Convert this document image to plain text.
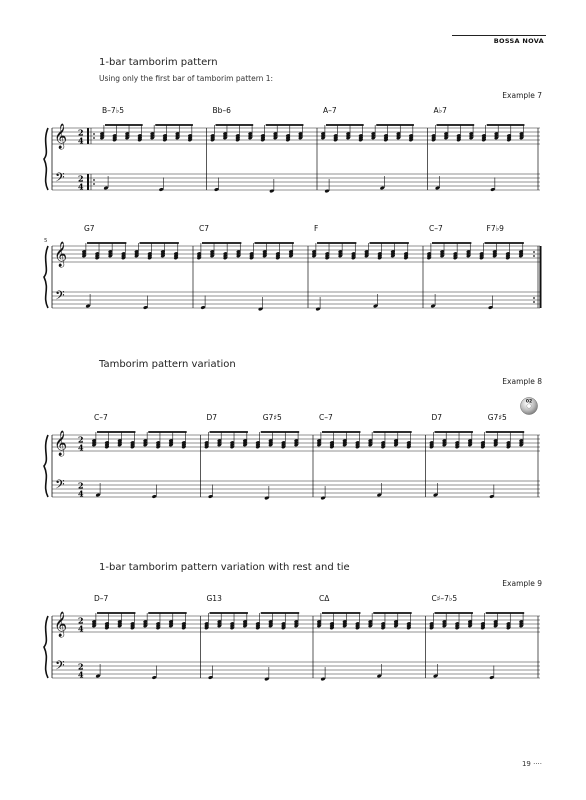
BOSSA NOVA
1-bar tamborim pattern
Using only the first bar of tamborim pattern 1:
Example 7
𝄞
𝄢
2
4
2
4
B–7♭5	Bb–6	A–7	A♭7
𝄞
𝄢
5
G7	C7	F	C–7	F7♭9
Tamborim pattern variation
Example 8
02
𝄞
𝄢
2
4
2
4
C–7	D7	G7♯5	C–7	D7	G7♯5
1-bar tamborim pattern variation with rest and tie
Example 9
𝄞
𝄢
2
4
2
4
D–7	G13	CΔ	C♯–7♭5
19 ····
